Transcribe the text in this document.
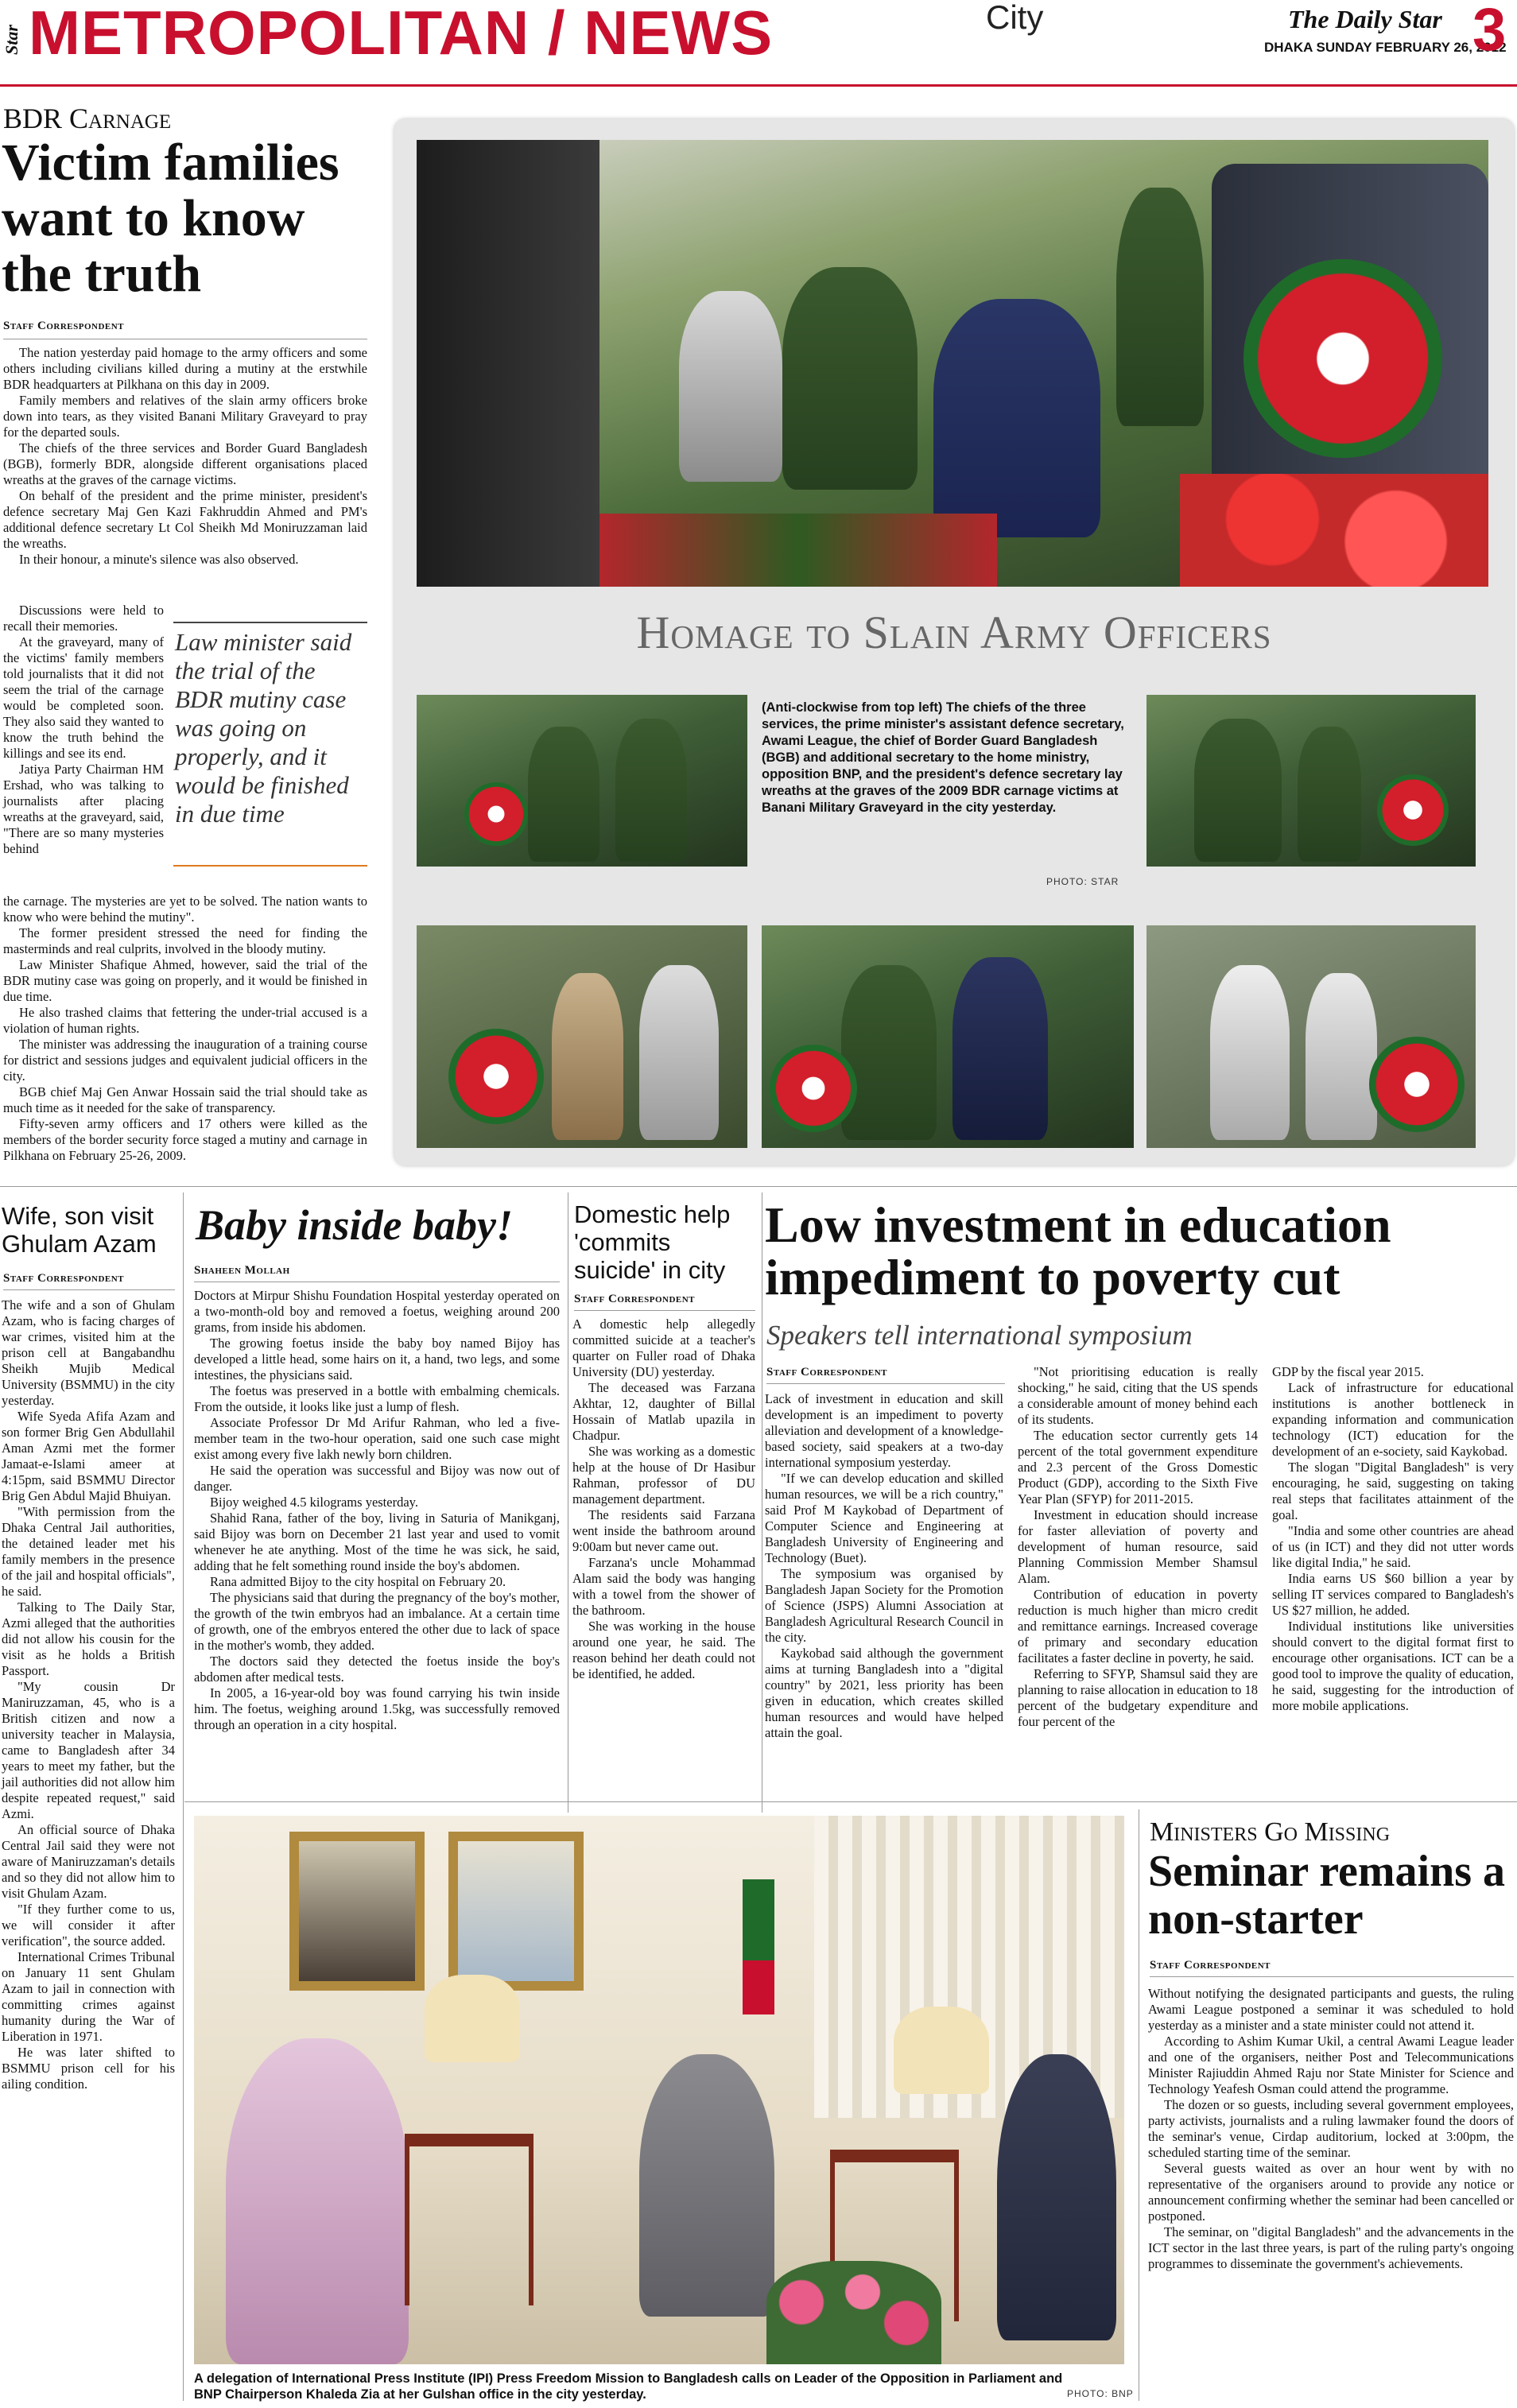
Star METROPOLITAN / NEWS	City	The Daily Star
DHAKA SUNDAY FEBRUARY 26, 2012
3
BDR Carnage
Victim families want to know the truth
Staff Correspondent

The nation yesterday paid homage to the army officers and some others including civilians killed during a mutiny at the erstwhile BDR headquarters at Pilkhana on this day in 2009.

Family members and relatives of the slain army officers broke down into tears, as they visited Banani Military Graveyard to pray for the departed souls.

The chiefs of the three services and Border Guard Bangladesh (BGB), formerly BDR, alongside different organisations placed wreaths at the graves of the carnage victims.

On behalf of the president and the prime minister, president's defence secretary Maj Gen Kazi Fakhruddin Ahmed and PM's additional defence secretary Lt Col Sheikh Md Moniruzzaman laid the wreaths.

In their honour, a minute's silence was also observed.

Discussions were held to recall their memories.

At the graveyard, many of the victims' family members told journalists that it did not seem the trial of the carnage would be completed soon. They also said they wanted to know the truth behind the killings and see its end.

Jatiya Party Chairman HM Ershad, who was talking to journalists after placing wreaths at the graveyard, said, "There are so many mysteries behind

Law minister said the trial of the BDR mutiny case was going on properly, and it would be finished in due time

the carnage. The mysteries are yet to be solved. The nation wants to know who were behind the mutiny".

The former president stressed the need for finding the masterminds and real culprits, involved in the bloody mutiny.

Law Minister Shafique Ahmed, however, said the trial of the BDR mutiny case was going on properly, and it would be finished in due time.

He also trashed claims that fettering the under-trial accused is a violation of human rights.

The minister was addressing the inauguration of a training course for district and sessions judges and equivalent judicial officers in the city.

BGB chief Maj Gen Anwar Hossain said the trial should take as much time as it needed for the sake of transparency.

Fifty-seven army officers and 17 others were killed as the members of the border security force staged a mutiny and carnage in Pilkhana on February 25-26, 2009.

Homage to Slain Army Officers
(Anti-clockwise from top left) The chiefs of the three services, the prime minister's assistant defence secretary, Awami League, the chief of Border Guard Bangladesh (BGB) and additional secretary to the home ministry, opposition BNP, and the president's defence secretary lay wreaths at the graves of the 2009 BDR carnage victims at Banani Military Graveyard in the city yesterday.
PHOTO: STAR
Wife, son visit Ghulam Azam
Staff Correspondent

The wife and a son of Ghulam Azam, who is facing charges of war crimes, visited him at the prison cell at Bangabandhu Sheikh Mujib Medical University (BSMMU) in the city yesterday.

Wife Syeda Afifa Azam and son former Brig Gen Abdullahil Aman Azmi met the former Jamaat-e-Islami ameer at 4:15pm, said BSMMU Director Brig Gen Abdul Majid Bhuiyan.

"With permission from the Dhaka Central Jail authorities, the detained leader met his family members in the presence of the jail and hospital officials", he said.

Talking to The Daily Star, Azmi alleged that the authorities did not allow his cousin for the visit as he holds a British Passport.

"My cousin Dr Maniruzzaman, 45, who is a British citizen and now a university teacher in Malaysia, came to Bangladesh after 34 years to meet my father, but the jail authorities did not allow him despite repeated request," said Azmi.

An official source of Dhaka Central Jail said they were not aware of Maniruzzaman's details and so they did not allow him to visit Ghulam Azam.

"If they further come to us, we will consider it after verification", the source added.

International Crimes Tribunal on January 11 sent Ghulam Azam to jail in connection with committing crimes against humanity during the War of Liberation in 1971.

He was later shifted to BSMMU prison cell for his ailing condition.

Baby inside baby!
Shaheen Mollah

Doctors at Mirpur Shishu Foundation Hospital yesterday operated on a two-month-old boy and removed a foetus, weighing around 200 grams, from inside his abdomen.

The growing foetus inside the baby boy named Bijoy has developed a little head, some hairs on it, a hand, two legs, and some intestines, the physicians said.

The foetus was preserved in a bottle with embalming chemicals. From the outside, it looks like just a lump of flesh.

Associate Professor Dr Md Arifur Rahman, who led a five-member team in the two-hour operation, said one such case might exist among every five lakh newly born children.

He said the operation was successful and Bijoy was now out of danger.

Bijoy weighed 4.5 kilograms yesterday.

Shahid Rana, father of the boy, living in Saturia of Manikganj, said Bijoy was born on December 21 last year and used to vomit whenever he ate anything. Most of the time he was sick, he said, adding that he felt something round inside the boy's abdomen.

Rana admitted Bijoy to the city hospital on February 20.

The physicians said that during the pregnancy of the boy's mother, the growth of the twin embryos had an imbalance. At a certain time of growth, one of the embryos entered the other due to lack of space in the mother's womb, they added.

The doctors said they detected the foetus inside the boy's abdomen after medical tests.

In 2005, a 16-year-old boy was found carrying his twin inside him. The foetus, weighing around 1.5kg, was successfully removed through an operation in a city hospital.

Domestic help 'commits suicide' in city
Staff Correspondent

A domestic help allegedly committed suicide at a teacher's quarter on Fuller road of Dhaka University (DU) yesterday.

The deceased was Farzana Akhtar, 12, daughter of Billal Hossain of Matlab upazila in Chadpur.

She was working as a domestic help at the house of Dr Hasibur Rahman, professor of DU management department.

The residents said Farzana went inside the bathroom around 9:00am but never came out.

Farzana's uncle Mohammad Alam said the body was hanging with a towel from the shower of the bathroom.

She was working in the house around one year, he said. The reason behind her death could not be identified, he added.

Low investment in education impediment to poverty cut
Speakers tell international symposium
Staff Correspondent

Lack of investment in education and skill development is an impediment to poverty alleviation and development of a knowledge-based society, said speakers at a two-day international symposium yesterday.

"If we can develop education and skilled human resources, we will be a rich country," said Prof M Kaykobad of Department of Computer Science and Engineering at Bangladesh University of Engineering and Technology (Buet).

The symposium was organised by Bangladesh Japan Society for the Promotion of Science (JSPS) Alumni Association at Bangladesh Agricultural Research Council in the city.

Kaykobad said although the government aims at turning Bangladesh into a "digital country" by 2021, less priority has been given in education, which creates skilled human resources and would have helped attain the goal.

"Not prioritising education is really shocking," he said, citing that the US spends a considerable amount of money behind each of its students.

The education sector currently gets 14 percent of the total government expenditure and 2.3 percent of the Gross Domestic Product (GDP), according to the Sixth Five Year Plan (SFYP) for 2011-2015.

Investment in education should increase for faster alleviation of poverty and development of human resource, said Planning Commission Member Shamsul Alam.

Contribution of education in poverty reduction is much higher than micro credit and remittance earnings. Increased coverage of primary and secondary education facilitates a faster decline in poverty, he said.

Referring to SFYP, Shamsul said they are planning to raise allocation in education to 18 percent of the budgetary expenditure and four percent of the

GDP by the fiscal year 2015.

Lack of infrastructure for educational institutions is another bottleneck in expanding information and communication technology (ICT) education for the development of an e-society, said Kaykobad.

The slogan "Digital Bangladesh" is very encouraging, he said, suggesting on taking real steps that facilitates attainment of the goal.

"India and some other countries are ahead of us (in ICT) and they did not utter words like digital India," he said.

India earns US $60 billion a year by selling IT services compared to Bangladesh's US $27 million, he added.

Individual institutions like universities should convert to the digital format first to encourage other organisations. ICT can be a good tool to improve the quality of education, he said, suggesting for the introduction of more mobile applications.

A delegation of International Press Institute (IPI) Press Freedom Mission to Bangladesh calls on Leader of the Opposition in Parliament and BNP Chairperson Khaleda Zia at her Gulshan office in the city yesterday.	PHOTO: BNP
Ministers Go Missing
Seminar remains a non-starter
Staff Correspondent

Without notifying the designated participants and guests, the ruling Awami League postponed a seminar it was scheduled to hold yesterday as a minister and a state minister could not attend it.

According to Ashim Kumar Ukil, a central Awami League leader and one of the organisers, neither Post and Telecommunications Minister Rajiuddin Ahmed Raju nor State Minister for Science and Technology Yeafesh Osman could attend the programme.

The dozen or so guests, including several government employees, party activists, journalists and a ruling lawmaker found the doors of the seminar's venue, Cirdap auditorium, locked at 3:00pm, the scheduled starting time of the seminar.

Several guests waited as over an hour went by with no representative of the organisers around to provide any notice or announcement confirming whether the seminar had been cancelled or postponed.

The seminar, on "digital Bangladesh" and the advancements in the ICT sector in the last three years, is part of the ruling party's ongoing programmes to disseminate the government's achievements.
